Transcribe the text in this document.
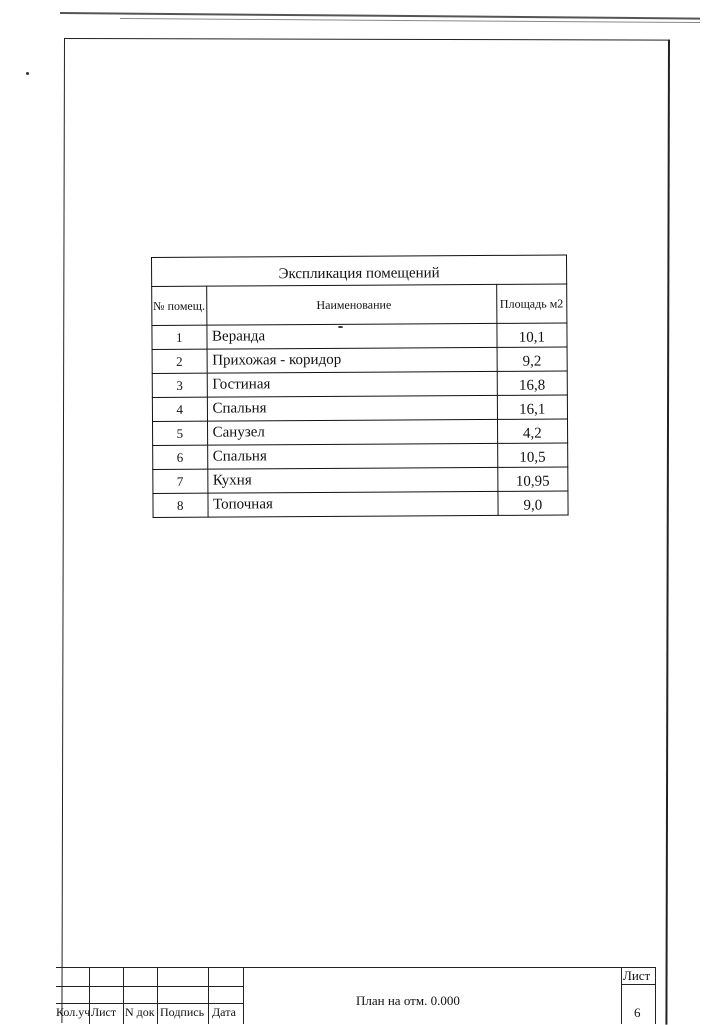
Экспликация помещений		
№ помещ.	Наименование	Площадь м2
1	Веранда	10,1
2	Прихожая - коридор	9,2
3	Гостиная	16,8
4	Спальня	16,1
5	Санузел	4,2
6	Спальня	10,5
7	Кухня	10,95
8	Топочная	9,0
Кол.уч Лист N док Подпись Дата
План на отм. 0.000
Лист
6
